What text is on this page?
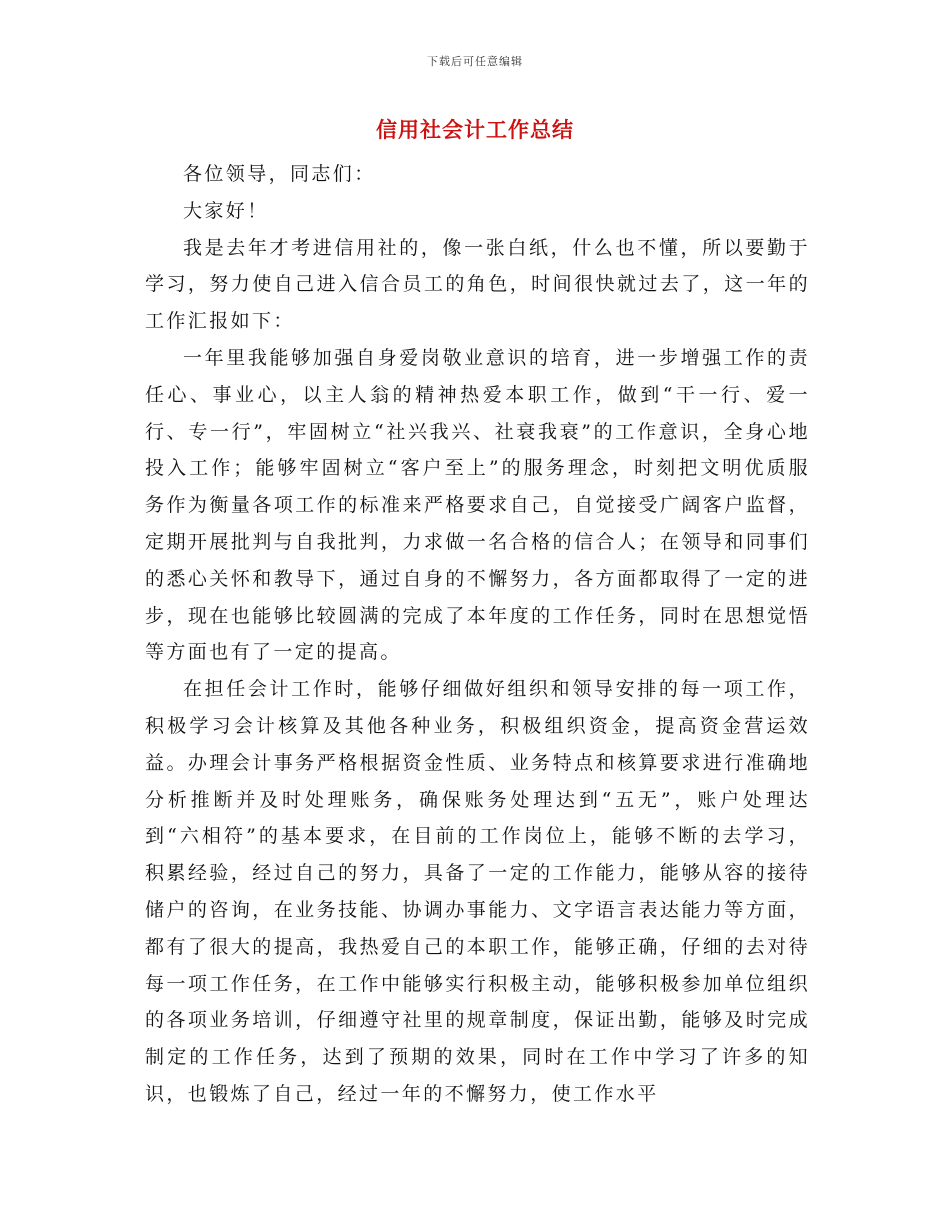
下载后可任意编辑
信用社会计工作总结

各位领导，同志们：

大家好！

我是去年才考进信用社的，像一张白纸，什么也不懂，所以要勤于学习，努力使自己进入信合员工的角色，时间很快就过去了，这一年的工作汇报如下：

一年里我能够加强自身爱岗敬业意识的培育，进一步增强工作的责任心、事业心，以主人翁的精神热爱本职工作，做到“干一行、爱一行、专一行”，牢固树立“社兴我兴、社衰我衰”的工作意识，全身心地投入工作；能够牢固树立“客户至上”的服务理念，时刻把文明优质服务作为衡量各项工作的标准来严格要求自己，自觉接受广阔客户监督，定期开展批判与自我批判，力求做一名合格的信合人；在领导和同事们的悉心关怀和教导下，通过自身的不懈努力，各方面都取得了一定的进步，现在也能够比较圆满的完成了本年度的工作任务，同时在思想觉悟等方面也有了一定的提高。

在担任会计工作时，能够仔细做好组织和领导安排的每一项工作，积极学习会计核算及其他各种业务，积极组织资金，提高资金营运效益。办理会计事务严格根据资金性质、业务特点和核算要求进行准确地分析推断并及时处理账务，确保账务处理达到“五无”，账户处理达到“六相符”的基本要求，在目前的工作岗位上，能够不断的去学习，积累经验，经过自己的努力，具备了一定的工作能力，能够从容的接待储户的咨询，在业务技能、协调办事能力、文字语言表达能力等方面，都有了很大的提高，我热爱自己的本职工作，能够正确，仔细的去对待每一项工作任务，在工作中能够实行积极主动，能够积极参加单位组织的各项业务培训，仔细遵守社里的规章制度，保证出勤，能够及时完成制定的工作任务，达到了预期的效果，同时在工作中学习了许多的知识，也锻炼了自己，经过一年的不懈努力，使工作水平
